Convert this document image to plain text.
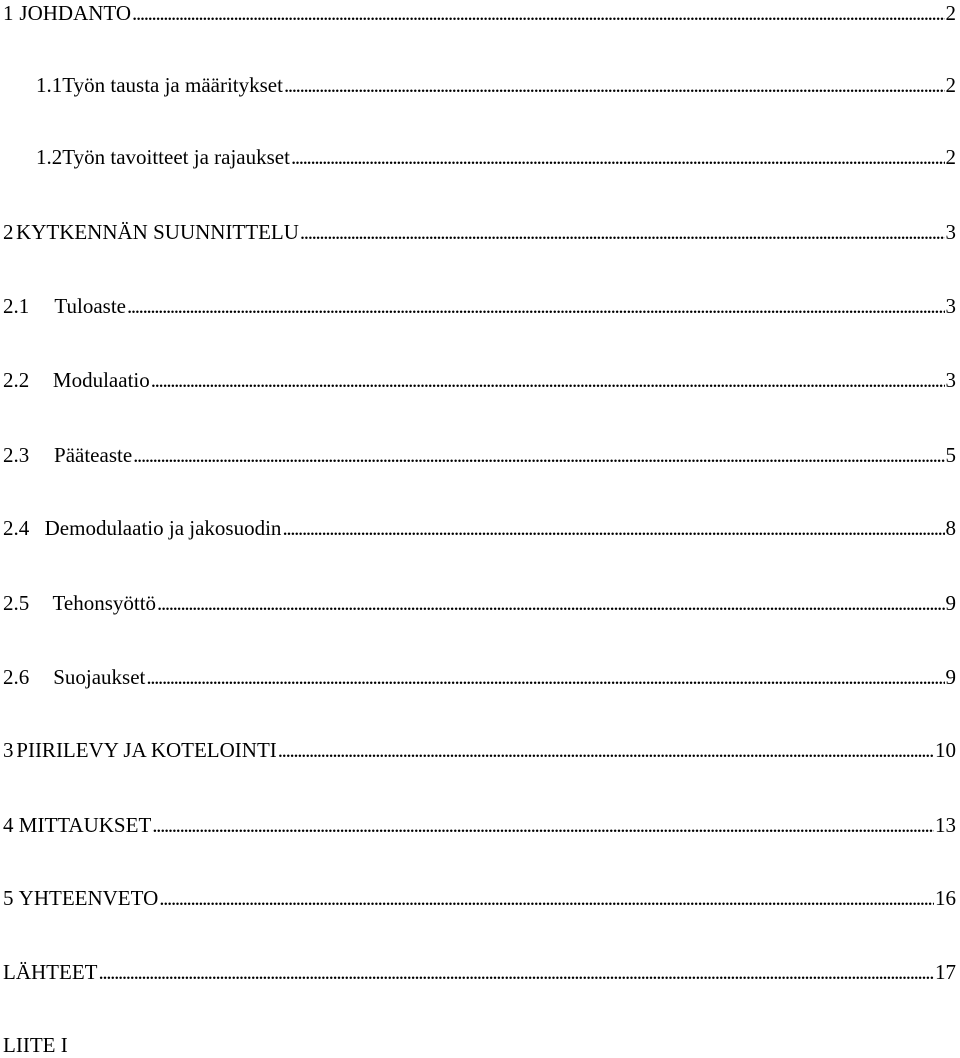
1 JOHDANTO . . .	2
1.1 Työn tausta ja määritykset . . .	2
1.2 Työn tavoitteet ja rajaukset . . .	2
2 KYTKENNÄN SUUNNITTELU . . .	3
2.1	Tuloaste . . .	3
2.2	Modulaatio . . .	3
2.3	Pääteaste . . .	5
2.4 Demodulaatio ja jakosuodin . . .	8
2.5	Tehonsyöttö . . .	9
2.6	Suojaukset . . .	9
3 PIIRILEVY JA KOTELOINTI . . .	10
4 MITTAUKSET . . .	13
5 YHTEENVETO . . .	16
LÄHTEET . . .	17
LIITE I
